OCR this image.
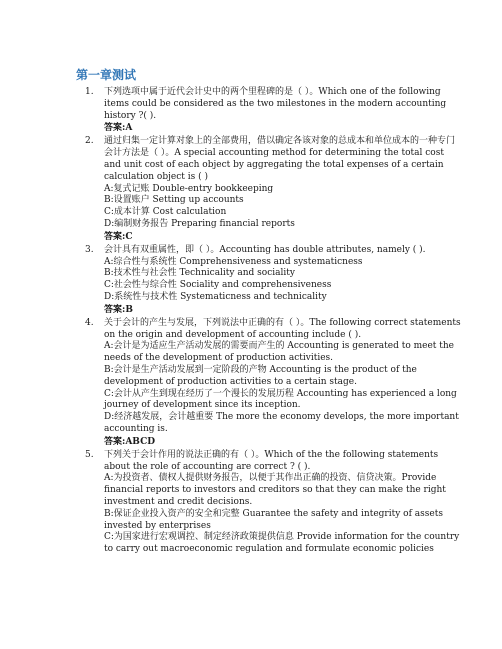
第一章测试
1. 下列选项中属于近代会计史中的两个里程碑的是（ ）。Which one of the following items could be considered as the two milestones in the modern accounting history ?( ).
答案:A
2. 通过归集一定计算对象上的全部费用，借以确定各该对象的总成本和单位成本的一种专门会计方法是（ ）。A special accounting method for determining the total cost and unit cost of each object by aggregating the total expenses of a certain calculation object is ( )
A:复式记账 Double-entry bookkeeping
B:设置账户 Setting up accounts
C:成本计算 Cost calculation
D:编制财务报告 Preparing financial reports
答案:C
3. 会计具有双重属性，即（ ）。Accounting has double attributes, namely ( ).
A:综合性与系统性 Comprehensiveness and systematicness
B:技术性与社会性 Technicality and sociality
C:社会性与综合性 Sociality and comprehensiveness
D:系统性与技术性 Systematicness and technicality
答案:B
4. 关于会计的产生与发展，下列说法中正确的有（ ）。The following correct statements on the origin and development of accounting include ( ).
A:会计是为适应生产活动发展的需要而产生的 Accounting is generated to meet the needs of the development of production activities.
B:会计是生产活动发展到一定阶段的产物 Accounting is the product of the development of production activities to a certain stage.
C:会计从产生到现在经历了一个漫长的发展历程 Accounting has experienced a long journey of development since its inception.
D:经济越发展，会计越重要 The more the economy develops, the more important accounting is.
答案:ABCD
5. 下列关于会计作用的说法正确的有（ ）。Which of the the following statements about the role of accounting are correct ? ( ).
A:为投资者、债权人提供财务报告，以便于其作出正确的投资、信贷决策。Provide financial reports to investors and creditors so that they can make the right investment and credit decisions.
B:保证企业投入资产的安全和完整 Guarantee the safety and integrity of assets invested by enterprises
C:为国家进行宏观调控、制定经济政策提供信息 Provide information for the country to carry out macroeconomic regulation and formulate economic policies
